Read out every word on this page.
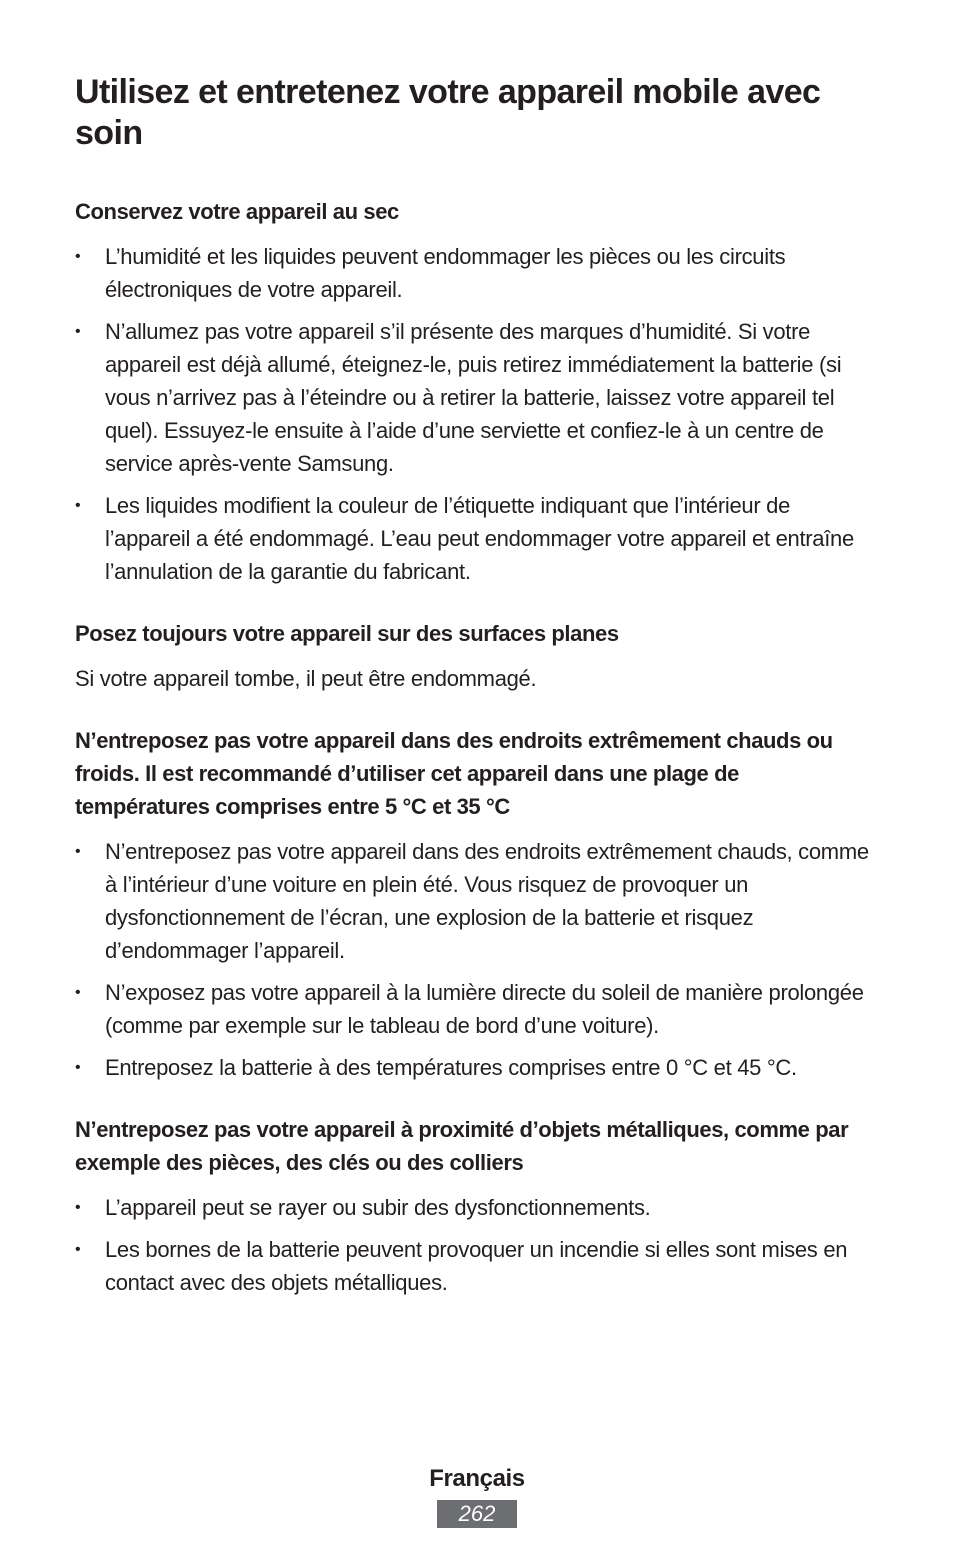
Utilisez et entretenez votre appareil mobile avec soin
Conservez votre appareil au sec
• L’humidité et les liquides peuvent endommager les pièces ou les circuits électroniques de votre appareil.
• N’allumez pas votre appareil s’il présente des marques d’humidité. Si votre appareil est déjà allumé, éteignez-le, puis retirez immédiatement la batterie (si vous n’arrivez pas à l’éteindre ou à retirer la batterie, laissez votre appareil tel quel). Essuyez-le ensuite à l’aide d’une serviette et confiez-le à un centre de service après-vente Samsung.
• Les liquides modifient la couleur de l’étiquette indiquant que l’intérieur de l’appareil a été endommagé. L’eau peut endommager votre appareil et entraîne l’annulation de la garantie du fabricant.
Posez toujours votre appareil sur des surfaces planes

Si votre appareil tombe, il peut être endommagé.

N’entreposez pas votre appareil dans des endroits extrêmement chauds ou froids. Il est recommandé d’utiliser cet appareil dans une plage de températures comprises entre 5 °C et 35 °C
• N’entreposez pas votre appareil dans des endroits extrêmement chauds, comme à l’intérieur d’une voiture en plein été. Vous risquez de provoquer un dysfonctionnement de l’écran, une explosion de la batterie et risquez d’endommager l’appareil.
• N’exposez pas votre appareil à la lumière directe du soleil de manière prolongée (comme par exemple sur le tableau de bord d’une voiture).
• Entreposez la batterie à des températures comprises entre 0 °C et 45 °C.
N’entreposez pas votre appareil à proximité d’objets métalliques, comme par exemple des pièces, des clés ou des colliers
• L’appareil peut se rayer ou subir des dysfonctionnements.
• Les bornes de la batterie peuvent provoquer un incendie si elles sont mises en contact avec des objets métalliques.
Français
262
